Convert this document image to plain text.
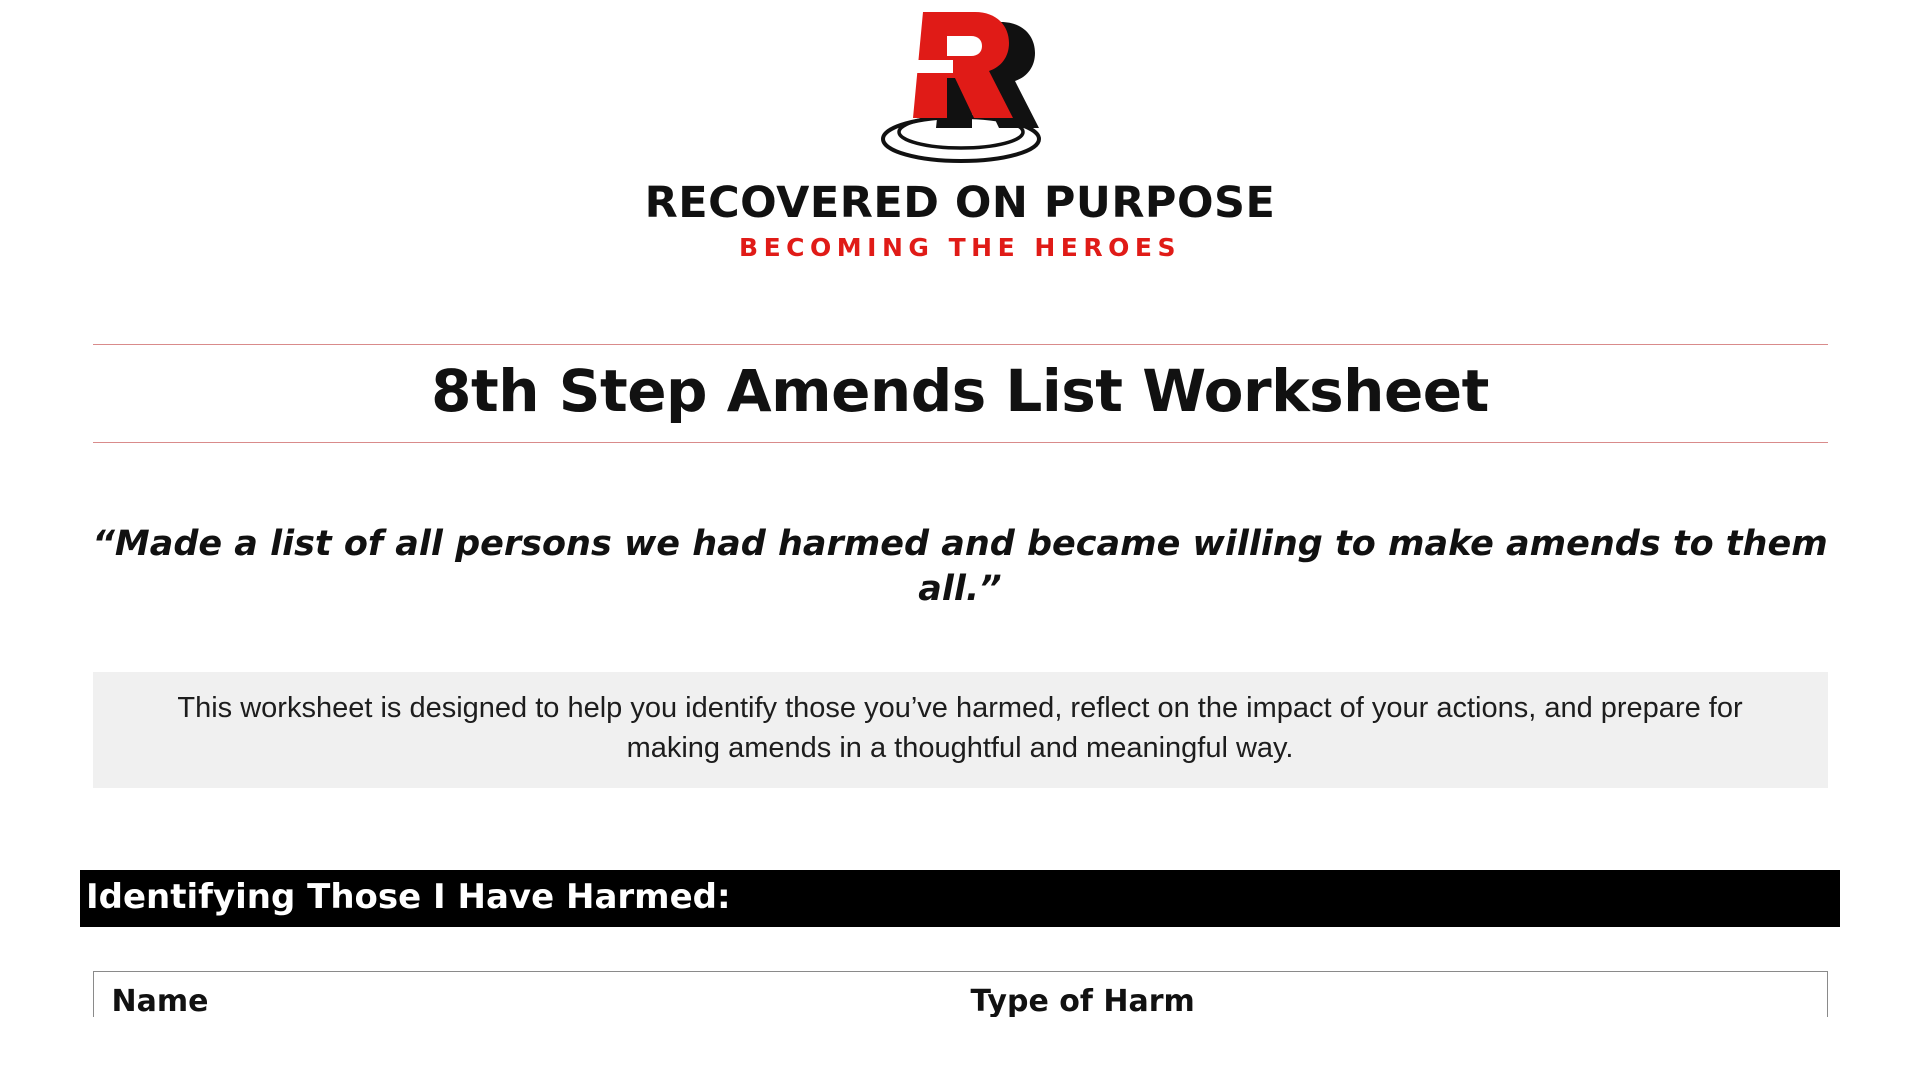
RECOVERED ON PURPOSE
BECOMING THE HEROES
8th Step Amends List Worksheet
“Made a list of all persons we had harmed and became willing to make amends to them all.”
This worksheet is designed to help you identify those you’ve harmed, reflect on the impact of your actions, and prepare for making amends in a thoughtful and meaningful way.
Identifying Those I Have Harmed:
Name	Type of Harm
